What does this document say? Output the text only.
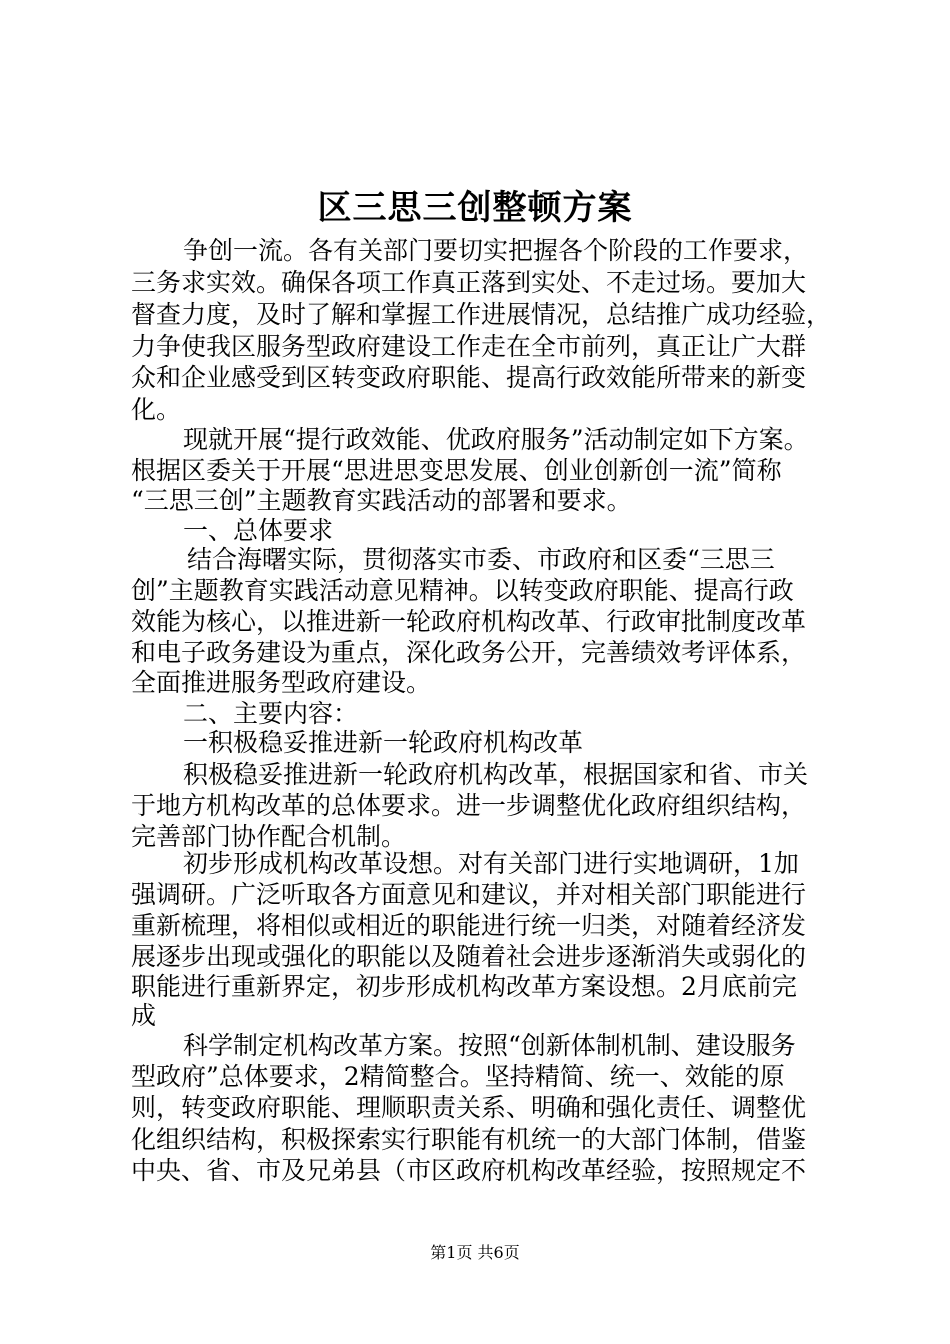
区三思三创整顿方案
争创一流。各有关部门要切实把握各个阶段的工作要求，
三务求实效。确保各项工作真正落到实处、不走过场。要加大
督查力度，及时了解和掌握工作进展情况，总结推广成功经验，
力争使我区服务型政府建设工作走在全市前列，真正让广大群
众和企业感受到区转变政府职能、提高行政效能所带来的新变
化。
现就开展“提行政效能、优政府服务”活动制定如下方案。
根据区委关于开展“思进思变思发展、创业创新创一流”简称
“三思三创”主题教育实践活动的部署和要求。
一、总体要求
结合海曙实际，贯彻落实市委、市政府和区委“三思三
创”主题教育实践活动意见精神。以转变政府职能、提高行政
效能为核心，以推进新一轮政府机构改革、行政审批制度改革
和电子政务建设为重点，深化政务公开，完善绩效考评体系，
全面推进服务型政府建设。
二、主要内容：
一积极稳妥推进新一轮政府机构改革
积极稳妥推进新一轮政府机构改革，根据国家和省、市关
于地方机构改革的总体要求。进一步调整优化政府组织结构，
完善部门协作配合机制。
初步形成机构改革设想。对有关部门进行实地调研，1加
强调研。广泛听取各方面意见和建议，并对相关部门职能进行
重新梳理，将相似或相近的职能进行统一归类，对随着经济发
展逐步出现或强化的职能以及随着社会进步逐渐消失或弱化的
职能进行重新界定，初步形成机构改革方案设想。2月底前完
成
科学制定机构改革方案。按照“创新体制机制、建设服务
型政府”总体要求，2精简整合。坚持精简、统一、效能的原
则，转变政府职能、理顺职责关系、明确和强化责任、调整优
化组织结构，积极探索实行职能有机统一的大部门体制，借鉴
中央、省、市及兄弟县（市区政府机构改革经验，按照规定不
第1页 共6页
